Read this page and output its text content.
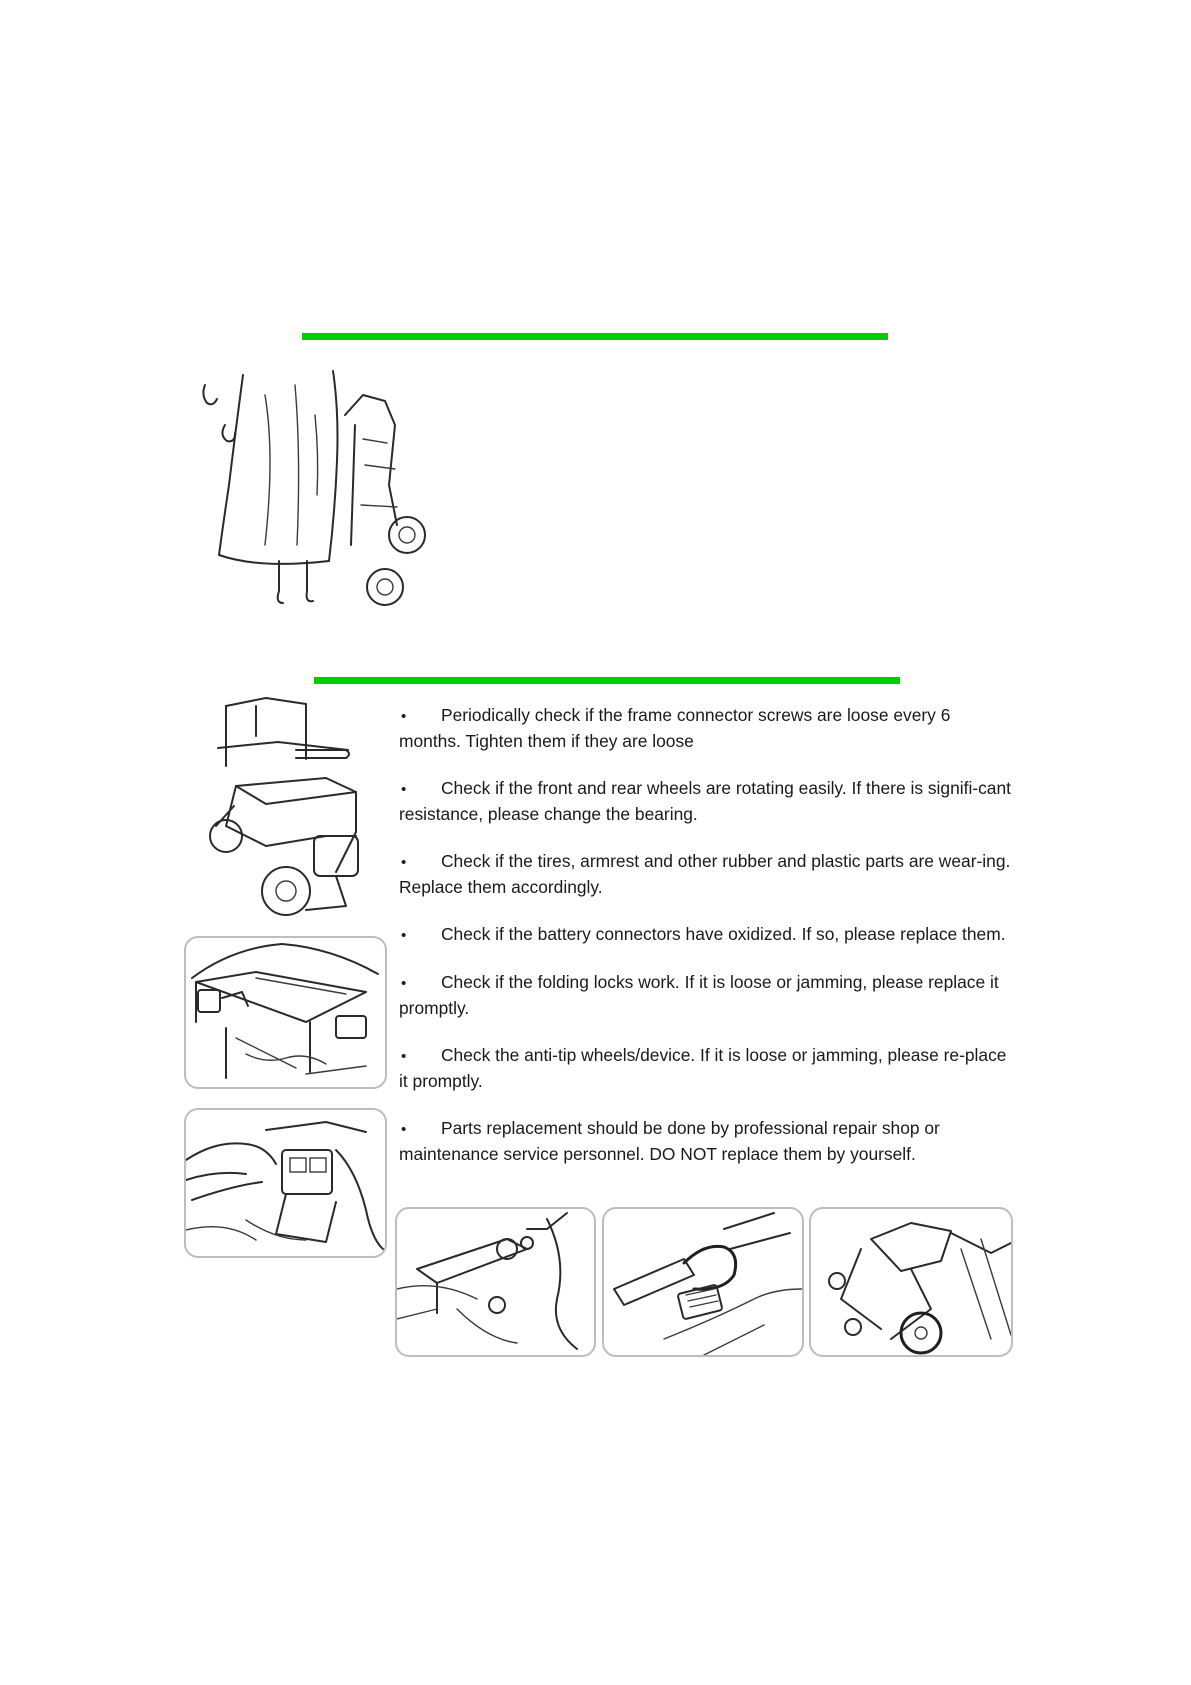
• Periodically check if the frame connector screws are loose every 6 months. Tighten them if they are loose
• Check if the front and rear wheels are rotating easily. If there is signifi-cant resistance, please change the bearing.
• Check if the tires, armrest and other rubber and plastic parts are wear-ing. Replace them accordingly.
• Check if the battery connectors have oxidized. If so, please replace them.
• Check if the folding locks work. If it is loose or jamming, please replace it promptly.
• Check the anti-tip wheels/device. If it is loose or jamming, please re-place it promptly.
• Parts replacement should be done by professional repair shop or maintenance service personnel. DO NOT replace them by yourself.
